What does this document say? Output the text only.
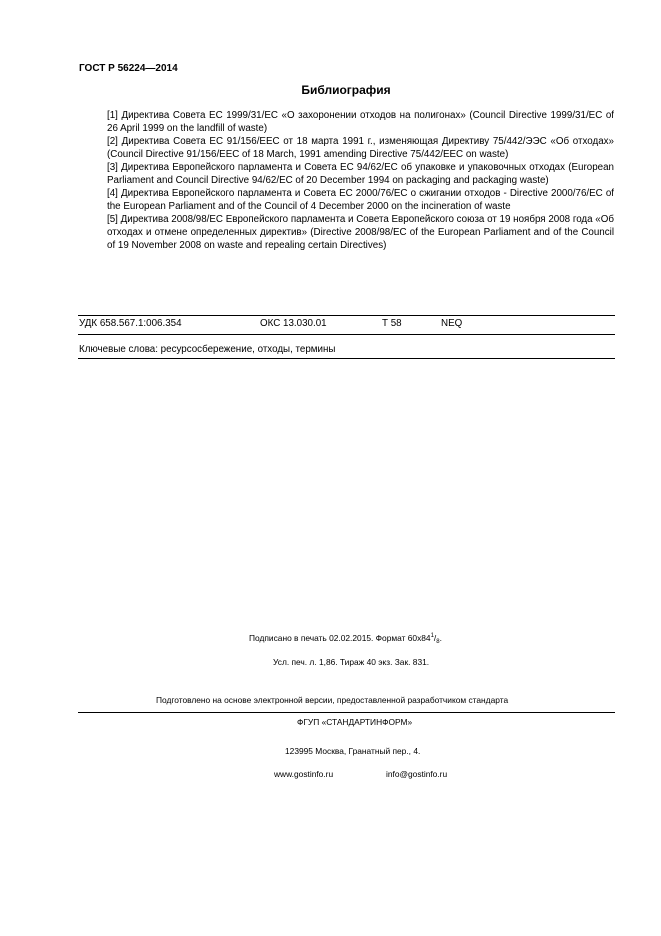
ГОСТ Р 56224—2014
Библиография
[1] Директива Совета ЕС 1999/31/ЕС «О захоронении отходов на полигонах» (Council Directive 1999/31/ЕС of 26 April 1999 on the landfill of waste)
[2] Директива Совета ЕС 91/156/ЕЕС от 18 марта 1991 г., изменяющая Директиву 75/442/ЭЭС «Об отходах» (Council Directive 91/156/ЕЕС of 18 March, 1991 amending Directive 75/442/ЕЕС on waste)
[3] Директива Европейского парламента и Совета ЕС 94/62/ЕС об упаковке и упаковочных отходах (European Parliament and Council Directive 94/62/ЕС of 20 December 1994 on packaging and packaging waste)
[4] Директива Европейского парламента и Совета ЕС 2000/76/ЕС о сжигании отходов - Directive 2000/76/ЕС of the European Parliament and of the Council of 4 December 2000 on the incineration of waste
[5] Директива 2008/98/ЕС Европейского парламента и Совета Европейского союза от 19 ноября 2008 года «Об отходах и отмене определенных директив» (Directive 2008/98/ЕС of the European Parliament and of the Council of 19 November 2008 on waste and repealing certain Directives)
УДК 658.567.1:006.354	ОКС 13.030.01	Т 58	NEQ
Ключевые слова: ресурсосбережение, отходы, термины
Подписано в печать 02.02.2015. Формат $60x84^1/_8$.
Усл. печ. л. 1,86. Тираж 40 экз. Зак. 831.
Подготовлено на основе электронной версии, предоставленной разработчиком стандарта
ФГУП «СТАНДАРТИНФОРМ»
123995 Москва, Гранатный пер., 4.
www.gostinfo.ru	info@gostinfo.ru
